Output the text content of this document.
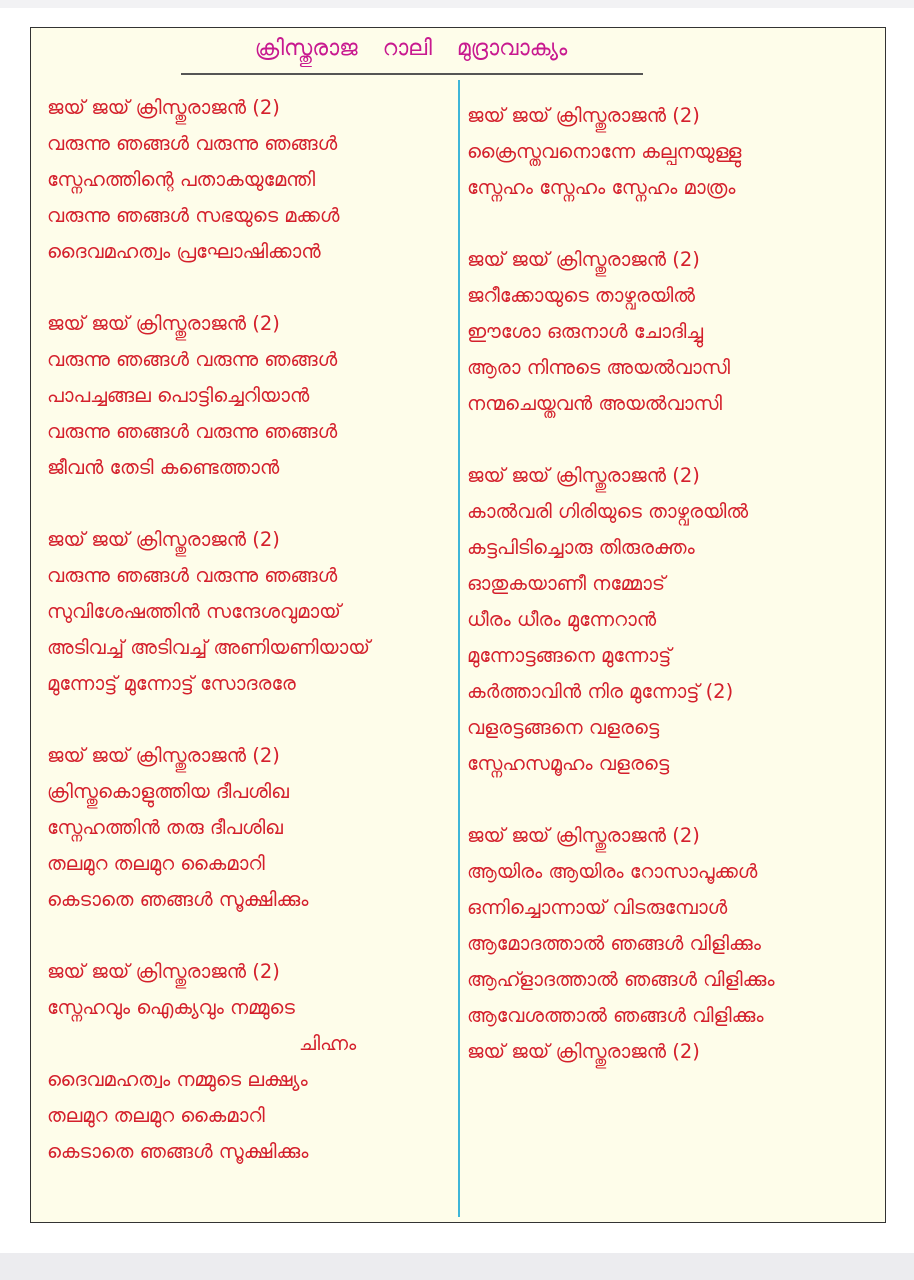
ക്രിസ്തുരാജ റാലി മുദ്രാവാക്യം
ജയ് ജയ് ക്രിസ്തുരാജൻ (2)
വരുന്നു ഞങ്ങൾ വരുന്നു ഞങ്ങൾ
സ്നേഹത്തിന്റെ പതാകയുമേന്തി
വരുന്നു ഞങ്ങൾ സഭയുടെ മക്കൾ
ദൈവമഹത്വം പ്രഘോഷിക്കാൻ
ജയ് ജയ് ക്രിസ്തുരാജൻ (2)
വരുന്നു ഞങ്ങൾ വരുന്നു ഞങ്ങൾ
പാപച്ചങ്ങല പൊട്ടിച്ചെറിയാൻ
വരുന്നു ഞങ്ങൾ വരുന്നു ഞങ്ങൾ
ജീവൻ തേടി കണ്ടെത്താൻ
ജയ് ജയ് ക്രിസ്തുരാജൻ (2)
വരുന്നു ഞങ്ങൾ വരുന്നു ഞങ്ങൾ
സുവിശേഷത്തിൻ സന്ദേശവുമായ്
അടിവച്ച് അടിവച്ച് അണിയണിയായ്
മുന്നോട്ട് മുന്നോട്ട് സോദരരേ
ജയ് ജയ് ക്രിസ്തുരാജൻ (2)
ക്രിസ്തുകൊളുത്തിയ ദീപശിഖ
സ്നേഹത്തിൻ തരു ദീപശിഖ
തലമുറ തലമുറ കൈമാറി
കെടാതെ ഞങ്ങൾ സൂക്ഷിക്കും
ജയ് ജയ് ക്രിസ്തുരാജൻ (2)
സ്നേഹവും ഐക്യവും നമ്മുടെ
ചിഹ്നം
ദൈവമഹത്വം നമ്മുടെ ലക്ഷ്യം
തലമുറ തലമുറ കൈമാറി
കെടാതെ ഞങ്ങൾ സൂക്ഷിക്കും
ജയ് ജയ് ക്രിസ്തുരാജൻ (2)
ക്രൈസ്തവനൊന്നേ കല്പനയുള്ളു
സ്നേഹം സ്നേഹം സ്നേഹം മാത്രം
ജയ് ജയ് ക്രിസ്തുരാജൻ (2)
ജറീക്കോയുടെ താഴ്വരയിൽ
ഈശോ ഒരുനാൾ ചോദിച്ചു
ആരാ നിന്നുടെ അയൽവാസി
നന്മചെയ്തവൻ അയൽവാസി
ജയ് ജയ് ക്രിസ്തുരാജൻ (2)
കാൽവരി ഗിരിയുടെ താഴ്വരയിൽ
കട്ടപിടിച്ചൊരു തിരുരക്തം
ഓതുകയാണീ നമ്മോട്
ധീരം ധീരം മുന്നേറാൻ
മുന്നോട്ടങ്ങനെ മുന്നോട്ട്
കർത്താവിൻ നിര മുന്നോട്ട് (2)
വളരട്ടങ്ങനെ വളരട്ടെ
സ്നേഹസമൂഹം വളരട്ടെ
ജയ് ജയ് ക്രിസ്തുരാജൻ (2)
ആയിരം ആയിരം റോസാപൂക്കൾ
ഒന്നിച്ചൊന്നായ് വിടരുമ്പോൾ
ആമോദത്താൽ ഞങ്ങൾ വിളിക്കും
ആഹ്ളാദത്താൽ ഞങ്ങൾ വിളിക്കും
ആവേശത്താൽ ഞങ്ങൾ വിളിക്കും
ജയ് ജയ് ക്രിസ്തുരാജൻ (2)
